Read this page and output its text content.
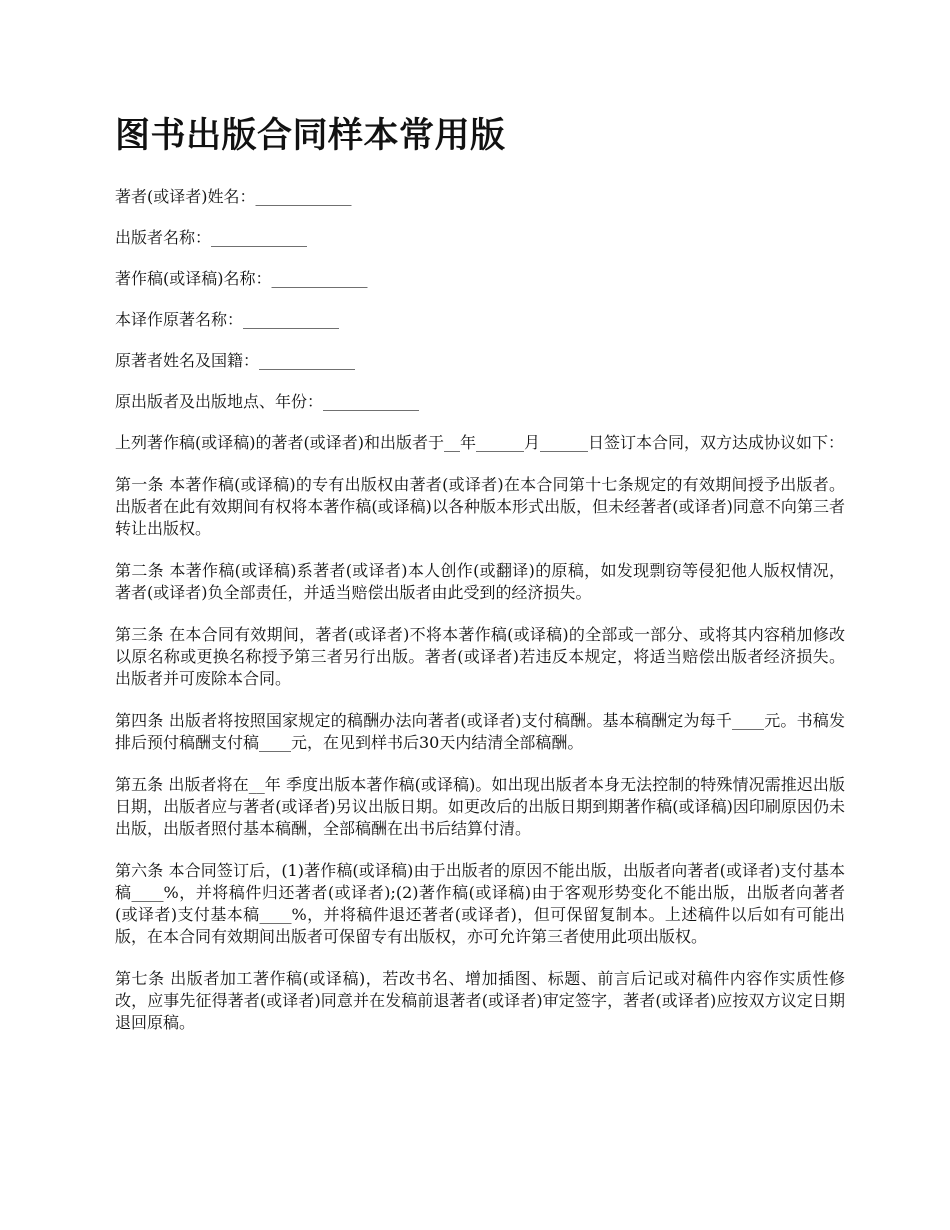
图书出版合同样本常用版

著者(或译者)姓名：____________

出版者名称：____________

著作稿(或译稿)名称：____________

本译作原著名称：____________

原著者姓名及国籍：____________

原出版者及出版地点、年份：____________

上列著作稿(或译稿)的著者(或译者)和出版者于__年______月______日签订本合同，双方达成协议如下：

第一条 本著作稿(或译稿)的专有出版权由著者(或译者)在本合同第十七条规定的有效期间授予出版者。出版者在此有效期间有权将本著作稿(或译稿)以各种版本形式出版，但未经著者(或译者)同意不向第三者转让出版权。

第二条 本著作稿(或译稿)系著者(或译者)本人创作(或翻译)的原稿，如发现剽窃等侵犯他人版权情况，著者(或译者)负全部责任，并适当赔偿出版者由此受到的经济损失。

第三条 在本合同有效期间，著者(或译者)不将本著作稿(或译稿)的全部或一部分、或将其内容稍加修改以原名称或更换名称授予第三者另行出版。著者(或译者)若违反本规定，将适当赔偿出版者经济损失。出版者并可废除本合同。

第四条 出版者将按照国家规定的稿酬办法向著者(或译者)支付稿酬。基本稿酬定为每千____元。书稿发排后预付稿酬支付稿____元，在见到样书后30天内结清全部稿酬。

第五条 出版者将在__年 季度出版本著作稿(或译稿)。如出现出版者本身无法控制的特殊情况需推迟出版日期，出版者应与著者(或译者)另议出版日期。如更改后的出版日期到期著作稿(或译稿)因印刷原因仍未出版，出版者照付基本稿酬，全部稿酬在出书后结算付清。

第六条 本合同签订后，(1)著作稿(或译稿)由于出版者的原因不能出版，出版者向著者(或译者)支付基本稿____%，并将稿件归还著者(或译者);(2)著作稿(或译稿)由于客观形势变化不能出版，出版者向著者(或译者)支付基本稿____%，并将稿件退还著者(或译者)，但可保留复制本。上述稿件以后如有可能出版，在本合同有效期间出版者可保留专有出版权，亦可允许第三者使用此项出版权。

第七条 出版者加工著作稿(或译稿)，若改书名、增加插图、标题、前言后记或对稿件内容作实质性修改，应事先征得著者(或译者)同意并在发稿前退著者(或译者)审定签字，著者(或译者)应按双方议定日期退回原稿。
